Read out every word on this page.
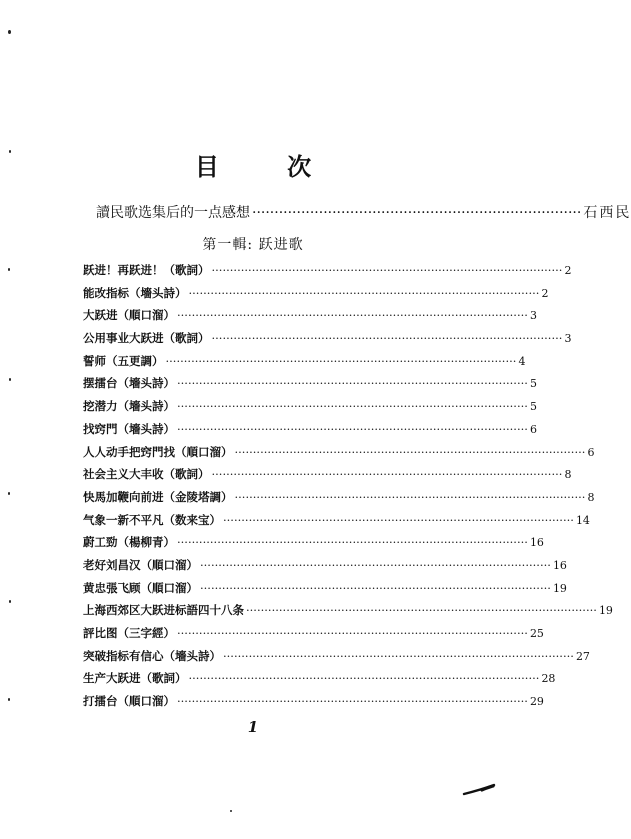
目 次
讀民歌选集后的一点感想 ·········································································· 石西民
第一輯: 跃进歌
跃进！再跃进！（歌詞） ································································································ 2
能改指标（墻头詩） ································································································ 2
大跃进（順口溜） ································································································ 3
公用事业大跃进（歌詞） ································································································ 3
誓师（五更調） ································································································ 4
摆擂台（墻头詩） ································································································ 5
挖潜力（墻头詩） ································································································ 5
找窍門（墻头詩） ································································································ 6
人人动手把窍門找（順口溜） ································································································ 6
社会主义大丰收（歌詞） ································································································ 8
快馬加鞭向前进（金陵塔調） ································································································ 8
气象一新不平凡（数来宝） ································································································ 14
蔚工勁（楊柳青） ································································································ 16
老好刘昌汉（順口溜） ································································································ 16
黄忠張飞顾（順口溜） ································································································ 19
上海西郊区大跃进标語四十八条 ································································································ 19
評比图（三字經） ································································································ 25
突破指标有信心（墻头詩） ································································································ 27
生产大跃进（歌詞） ································································································ 28
打擂台（順口溜） ································································································ 29
1
